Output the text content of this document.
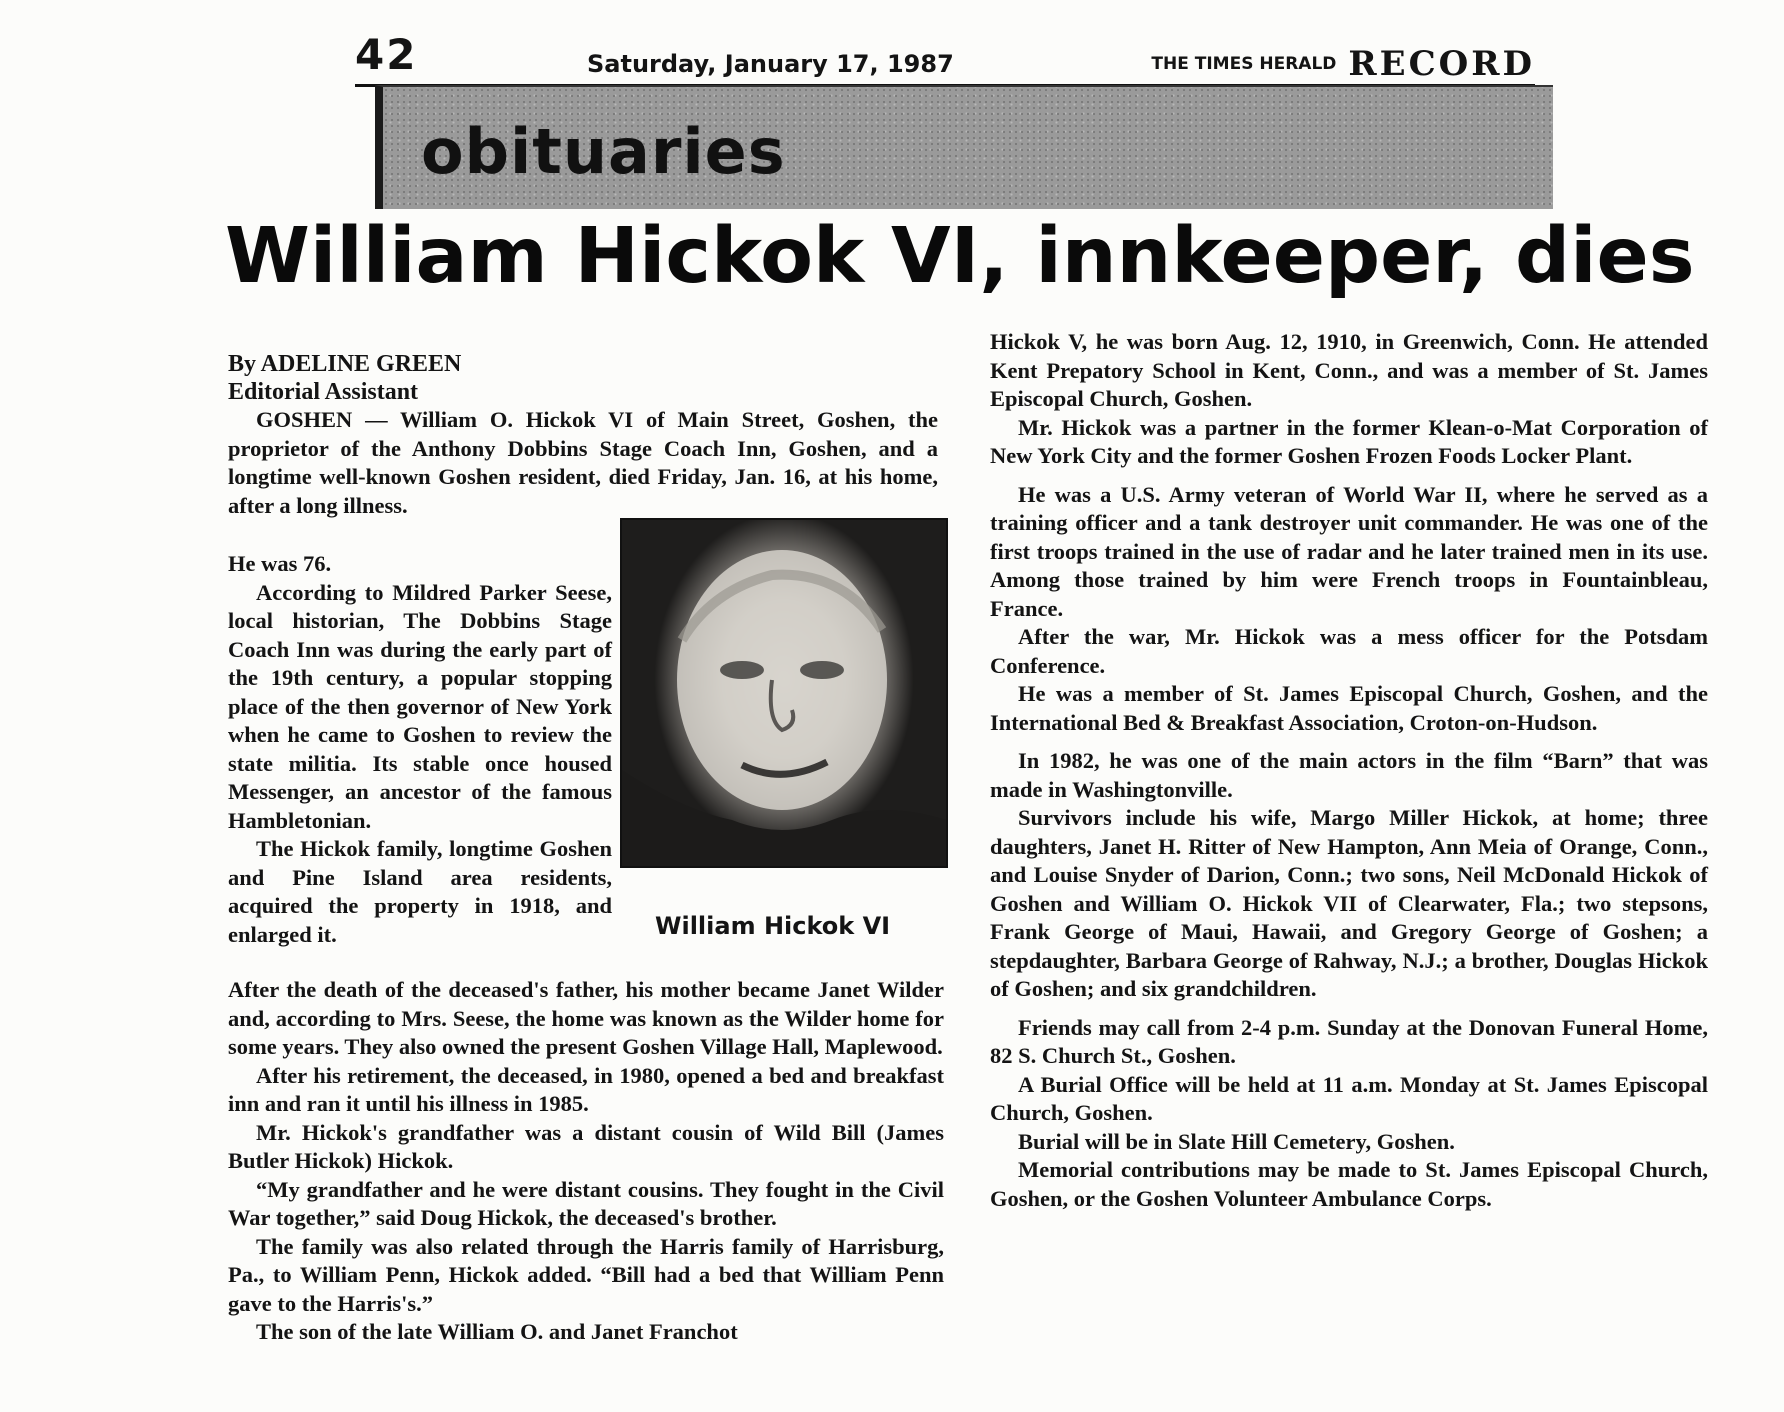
42	Saturday, January 17, 1987	THE TIMES HERALD RECORD
obituaries
William Hickok VI, innkeeper, dies
By ADELINE GREEN
Editorial Assistant

GOSHEN — William O. Hickok VI of Main Street, Goshen, the proprietor of the Anthony Dobbins Stage Coach Inn, Goshen, and a longtime well-known Goshen resident, died Friday, Jan. 16, at his home, after a long illness.

He was 76.

According to Mildred Parker Seese, local historian, The Dobbins Stage Coach Inn was during the early part of the 19th century, a popular stopping place of the then governor of New York when he came to Goshen to review the state militia. Its stable once housed Messenger, an ancestor of the famous Hambletonian.

The Hickok family, longtime Goshen and Pine Island area residents, acquired the property in 1918, and enlarged it.	William Hickok VI

After the death of the deceased's father, his mother became Janet Wilder and, according to Mrs. Seese, the home was known as the Wilder home for some years. They also owned the present Goshen Village Hall, Maplewood.

After his retirement, the deceased, in 1980, opened a bed and breakfast inn and ran it until his illness in 1985.

Mr. Hickok's grandfather was a distant cousin of Wild Bill (James Butler Hickok) Hickok.

“My grandfather and he were distant cousins. They fought in the Civil War together,” said Doug Hickok, the deceased's brother.

The family was also related through the Harris family of Harrisburg, Pa., to William Penn, Hickok added. “Bill had a bed that William Penn gave to the Harris's.”

The son of the late William O. and Janet Franchot

Hickok V, he was born Aug. 12, 1910, in Greenwich, Conn. He attended Kent Prepatory School in Kent, Conn., and was a member of St. James Episcopal Church, Goshen.

Mr. Hickok was a partner in the former Klean-o-Mat Corporation of New York City and the former Goshen Frozen Foods Locker Plant.

He was a U.S. Army veteran of World War II, where he served as a training officer and a tank destroyer unit commander. He was one of the first troops trained in the use of radar and he later trained men in its use. Among those trained by him were French troops in Fountainbleau, France.

After the war, Mr. Hickok was a mess officer for the Potsdam Conference.

He was a member of St. James Episcopal Church, Goshen, and the International Bed & Breakfast Association, Croton-on-Hudson.

In 1982, he was one of the main actors in the film “Barn” that was made in Washingtonville.

Survivors include his wife, Margo Miller Hickok, at home; three daughters, Janet H. Ritter of New Hampton, Ann Meia of Orange, Conn., and Louise Snyder of Darion, Conn.; two sons, Neil McDonald Hickok of Goshen and William O. Hickok VII of Clearwater, Fla.; two stepsons, Frank George of Maui, Hawaii, and Gregory George of Goshen; a stepdaughter, Barbara George of Rahway, N.J.; a brother, Douglas Hickok of Goshen; and six grandchildren.

Friends may call from 2-4 p.m. Sunday at the Donovan Funeral Home, 82 S. Church St., Goshen.

A Burial Office will be held at 11 a.m. Monday at St. James Episcopal Church, Goshen.

Burial will be in Slate Hill Cemetery, Goshen.

Memorial contributions may be made to St. James Episcopal Church, Goshen, or the Goshen Volunteer Ambulance Corps.
